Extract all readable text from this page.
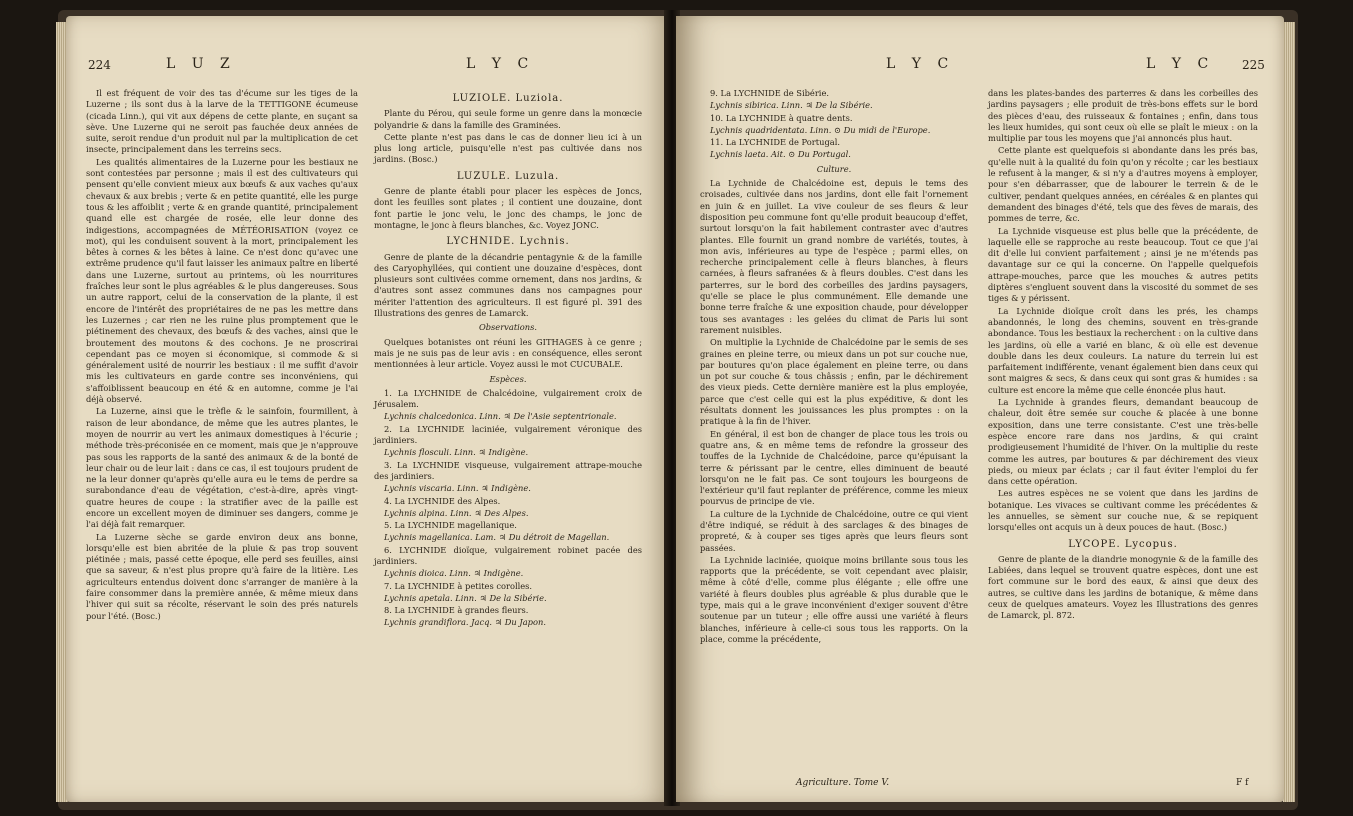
224	L U Z	L Y C

Il est fréquent de voir des tas d'écume sur les tiges de la Luzerne ; ils sont dus à la larve de la TETTIGONE écumeuse (cicada Linn.), qui vit aux dépens de cette plante, en suçant sa sève. Une Luzerne qui ne seroit pas fauchée deux années de suite, seroit rendue d'un produit nul par la multiplication de cet insecte, principalement dans les terreins secs.

Les qualités alimentaires de la Luzerne pour les bestiaux ne sont contestées par personne ; mais il est des cultivateurs qui pensent qu'elle convient mieux aux bœufs & aux vaches qu'aux chevaux & aux brebis ; verte & en petite quantité, elle les purge tous & les affoiblit ; verte & en grande quantité, principalement quand elle est chargée de rosée, elle leur donne des indigestions, accompagnées de MÉTÉORISATION (voyez ce mot), qui les conduisent souvent à la mort, principalement les bêtes à cornes & les bêtes à laine. Ce n'est donc qu'avec une extrême prudence qu'il faut laisser les animaux paître en liberté dans une Luzerne, surtout au printems, où les nourritures fraîches leur sont le plus agréables & le plus dangereuses. Sous un autre rapport, celui de la conservation de la plante, il est encore de l'intérêt des propriétaires de ne pas les mettre dans les Luzernes ; car rien ne les ruine plus promptement que le piétinement des chevaux, des bœufs & des vaches, ainsi que le broutement des moutons & des cochons. Je ne proscrirai cependant pas ce moyen si économique, si commode & si généralement usité de nourrir les bestiaux : il me suffit d'avoir mis les cultivateurs en garde contre ses inconvéniens, qui s'affoiblissent beaucoup en été & en automne, comme je l'ai déjà observé.

La Luzerne, ainsi que le trèfle & le sainfoin, fourmillent, à raison de leur abondance, de même que les autres plantes, le moyen de nourrir au vert les animaux domestiques à l'écurie ; méthode très-préconisée en ce moment, mais que je n'approuve pas sous les rapports de la santé des animaux & de la bonté de leur chair ou de leur lait : dans ce cas, il est toujours prudent de ne la leur donner qu'après qu'elle aura eu le tems de perdre sa surabondance d'eau de végétation, c'est-à-dire, après vingt-quatre heures de coupe : la stratifier avec de la paille est encore un excellent moyen de diminuer ses dangers, comme je l'ai déjà fait remarquer.

La Luzerne sèche se garde environ deux ans bonne, lorsqu'elle est bien abritée de la pluie & pas trop souvent piétinée ; mais, passé cette époque, elle perd ses feuilles, ainsi que sa saveur, & n'est plus propre qu'à faire de la litière. Les agriculteurs entendus doivent donc s'arranger de manière à la faire consommer dans la première année, & même mieux dans l'hiver qui suit sa récolte, réservant le soin des prés naturels pour l'été. (Bosc.)

LUZIOLE. Luziola.

Plante du Pérou, qui seule forme un genre dans la monœcie polyandrie & dans la famille des Graminées.

Cette plante n'est pas dans le cas de donner lieu ici à un plus long article, puisqu'elle n'est pas cultivée dans nos jardins. (Bosc.)

LUZULE. Luzula.

Genre de plante établi pour placer les espèces de Joncs, dont les feuilles sont plates ; il contient une douzaine, dont font partie le jonc velu, le jonc des champs, le jonc de montagne, le jonc à fleurs blanches, &c. Voyez JONC.

LYCHNIDE. Lychnis.

Genre de plante de la décandrie pentagynie & de la famille des Caryophyllées, qui contient une douzaine d'espèces, dont plusieurs sont cultivées comme ornement, dans nos jardins, & d'autres sont assez communes dans nos campagnes pour mériter l'attention des agriculteurs. Il est figuré pl. 391 des Illustrations des genres de Lamarck.

Observations.

Quelques botanistes ont réuni les GITHAGES à ce genre ; mais je ne suis pas de leur avis : en conséquence, elles seront mentionnées à leur article. Voyez aussi le mot CUCUBALE.

Espèces.

1. La LYCHNIDE de Chalcédoine, vulgairement croix de Jérusalem.

Lychnis chalcedonica. Linn. ♃ De l'Asie septentrionale.

2. La LYCHNIDE laciniée, vulgairement véronique des jardiniers.

Lychnis flosculi. Linn. ♃ Indigène.

3. La LYCHNIDE visqueuse, vulgairement attrape-mouche des jardiniers.

Lychnis viscaria. Linn. ♃ Indigène.

4. La LYCHNIDE des Alpes.

Lychnis alpina. Linn. ♃ Des Alpes.

5. La LYCHNIDE magellanique.

Lychnis magellanica. Lam. ♃ Du détroit de Magellan.

6. LYCHNIDE dioïque, vulgairement robinet pacée des jardiniers.

Lychnis dioica. Linn. ♃ Indigène.

7. La LYCHNIDE à petites corolles.

Lychnis apetala. Linn. ♃ De la Sibérie.

8. La LYCHNIDE à grandes fleurs.

Lychnis grandiflora. Jacq. ♃ Du Japon.

L Y C	L Y C 225

9. La LYCHNIDE de Sibérie.

Lychnis sibirica. Linn. ♃ De la Sibérie.

10. La LYCHNIDE à quatre dents.

Lychnis quadridentata. Linn. ⊙ Du midi de l'Europe.

11. La LYCHNIDE de Portugal.

Lychnis laeta. Ait. ⊙ Du Portugal.

Culture.

La Lychnide de Chalcédoine est, depuis le tems des croisades, cultivée dans nos jardins, dont elle fait l'ornement en juin & en juillet. La vive couleur de ses fleurs & leur disposition peu commune font qu'elle produit beaucoup d'effet, surtout lorsqu'on la fait habilement contraster avec d'autres plantes. Elle fournit un grand nombre de variétés, toutes, à mon avis, inférieures au type de l'espèce ; parmi elles, on recherche principalement celle à fleurs blanches, à fleurs carnées, à fleurs safranées & à fleurs doubles. C'est dans les parterres, sur le bord des corbeilles des jardins paysagers, qu'elle se place le plus communément. Elle demande une bonne terre fraîche & une exposition chaude, pour développer tous ses avantages : les gelées du climat de Paris lui sont rarement nuisibles.

On multiplie la Lychnide de Chalcédoine par le semis de ses graines en pleine terre, ou mieux dans un pot sur couche nue, par boutures qu'on place également en pleine terre, ou dans un pot sur couche & tous châssis ; enfin, par le déchirement des vieux pieds. Cette dernière manière est la plus employée, parce que c'est celle qui est la plus expéditive, & dont les résultats donnent les jouissances les plus promptes : on la pratique à la fin de l'hiver.

En général, il est bon de changer de place tous les trois ou quatre ans, & en même tems de refondre la grosseur des touffes de la Lychnide de Chalcédoine, parce qu'épuisant la terre & périssant par le centre, elles diminuent de beauté lorsqu'on ne le fait pas. Ce sont toujours les bourgeons de l'extérieur qu'il faut replanter de préférence, comme les mieux pourvus de principe de vie.

La culture de la Lychnide de Chalcédoine, outre ce qui vient d'être indiqué, se réduit à des sarclages & des binages de propreté, & à couper ses tiges après que leurs fleurs sont passées.

La Lychnide laciniée, quoique moins brillante sous tous les rapports que la précédente, se voit cependant avec plaisir, même à côté d'elle, comme plus élégante ; elle offre une variété à fleurs doubles plus agréable & plus durable que le type, mais qui a le grave inconvénient d'exiger souvent d'être soutenue par un tuteur ; elle offre aussi une variété à fleurs blanches, inférieure à celle-ci sous tous les rapports. On la place, comme la précédente,

Agriculture. Tome V.

dans les plates-bandes des parterres & dans les corbeilles des jardins paysagers ; elle produit de très-bons effets sur le bord des pièces d'eau, des ruisseaux & fontaines ; enfin, dans tous les lieux humides, qui sont ceux où elle se plaît le mieux : on la multiplie par tous les moyens que j'ai annoncés plus haut.

Cette plante est quelquefois si abondante dans les prés bas, qu'elle nuit à la qualité du foin qu'on y récolte ; car les bestiaux le refusent à la manger, & si n'y a d'autres moyens à employer, pour s'en débarrasser, que de labourer le terrein & de le cultiver, pendant quelques années, en céréales & en plantes qui demandent des binages d'été, tels que des fèves de marais, des pommes de terre, &c.

La Lychnide visqueuse est plus belle que la précédente, de laquelle elle se rapproche au reste beaucoup. Tout ce que j'ai dit d'elle lui convient parfaitement ; ainsi je ne m'étends pas davantage sur ce qui la concerne. On l'appelle quelquefois attrape-mouches, parce que les mouches & autres petits diptères s'engluent souvent dans la viscosité du sommet de ses tiges & y périssent.

La Lychnide dioïque croît dans les prés, les champs abandonnés, le long des chemins, souvent en très-grande abondance. Tous les bestiaux la recherchent : on la cultive dans les jardins, où elle a varié en blanc, & où elle est devenue double dans les deux couleurs. La nature du terrein lui est parfaitement indifférente, venant également bien dans ceux qui sont maigres & secs, & dans ceux qui sont gras & humides : sa culture est encore la même que celle énoncée plus haut.

La Lychnide à grandes fleurs, demandant beaucoup de chaleur, doit être semée sur couche & placée à une bonne exposition, dans une terre consistante. C'est une très-belle espèce encore rare dans nos jardins, & qui craint prodigieusement l'humidité de l'hiver. On la multiplie du reste comme les autres, par boutures & par déchirement des vieux pieds, ou mieux par éclats ; car il faut éviter l'emploi du fer dans cette opération.

Les autres espèces ne se voient que dans les jardins de botanique. Les vivaces se cultivant comme les précédentes & les annuelles, se sèment sur couche nue, & se repiquent lorsqu'elles ont acquis un à deux pouces de haut. (Bosc.)

LYCOPE. Lycopus.

Genre de plante de la diandrie monogynie & de la famille des Labiées, dans lequel se trouvent quatre espèces, dont une est fort commune sur le bord des eaux, & ainsi que deux des autres, se cultive dans les jardins de botanique, & même dans ceux de quelques amateurs. Voyez les Illustrations des genres de Lamarck, pl. 872.

F f
